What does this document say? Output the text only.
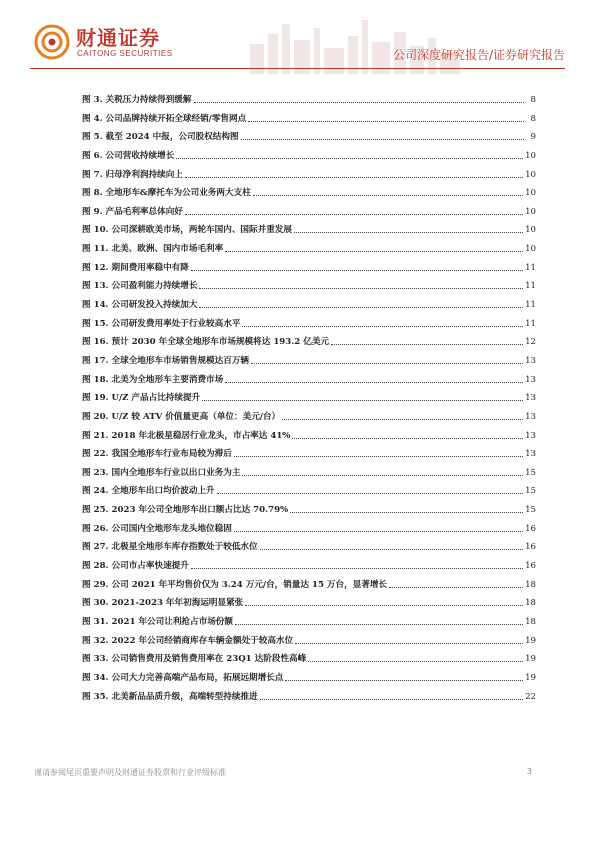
财通证券
CAITONG SECURITIES	公司深度研究报告/证券研究报告
图 3. 关税压力持续得到缓解	8
图 4. 公司品牌持续开拓全球经销/零售网点	8
图 5. 截至 2024 中报，公司股权结构图	9
图 6. 公司营收持续增长	10
图 7. 归母净利润持续向上	10
图 8. 全地形车&摩托车为公司业务两大支柱	10
图 9. 产品毛利率总体向好	10
图 10. 公司深耕欧美市场，两轮车国内、国际并重发展	10
图 11. 北美、欧洲、国内市场毛利率	10
图 12. 期间费用率稳中有降	11
图 13. 公司盈利能力持续增长	11
图 14. 公司研发投入持续加大	11
图 15. 公司研发费用率处于行业较高水平	11
图 16. 预计 2030 年全球全地形车市场规模将达 193.2 亿美元	12
图 17. 全球全地形车市场销售规模达百万辆	13
图 18. 北美为全地形车主要消费市场	13
图 19. U/Z 产品占比持续提升	13
图 20. U/Z 较 ATV 价值量更高（单位：美元/台）	13
图 21. 2018 年北极星稳居行业龙头，市占率达 41%	13
图 22. 我国全地形车行业布局较为滞后	13
图 23. 国内全地形车行业以出口业务为主	15
图 24. 全地形车出口均价波动上升	15
图 25. 2023 年公司全地形车出口额占比达 70.79%	15
图 26. 公司国内全地形车龙头地位稳固	16
图 27. 北极星全地形车库存指数处于较低水位	16
图 28. 公司市占率快速提升	16
图 29. 公司 2021 年平均售价仅为 3.24 万元/台，销量达 15 万台，显著增长	18
图 30. 2021-2023 年年初海运明显紧张	18
图 31. 2021 年公司让利抢占市场份额	18
图 32. 2022 年公司经销商库存车辆金额处于较高水位	19
图 33. 公司销售费用及销售费用率在 23Q1 达阶段性高峰	19
图 34. 公司大力完善高端产品布局，拓展远期增长点	19
图 35. 北美新品品质升级，高端转型持续推进	22
谨请参阅尾页重要声明及财通证券股票和行业评级标准	3
